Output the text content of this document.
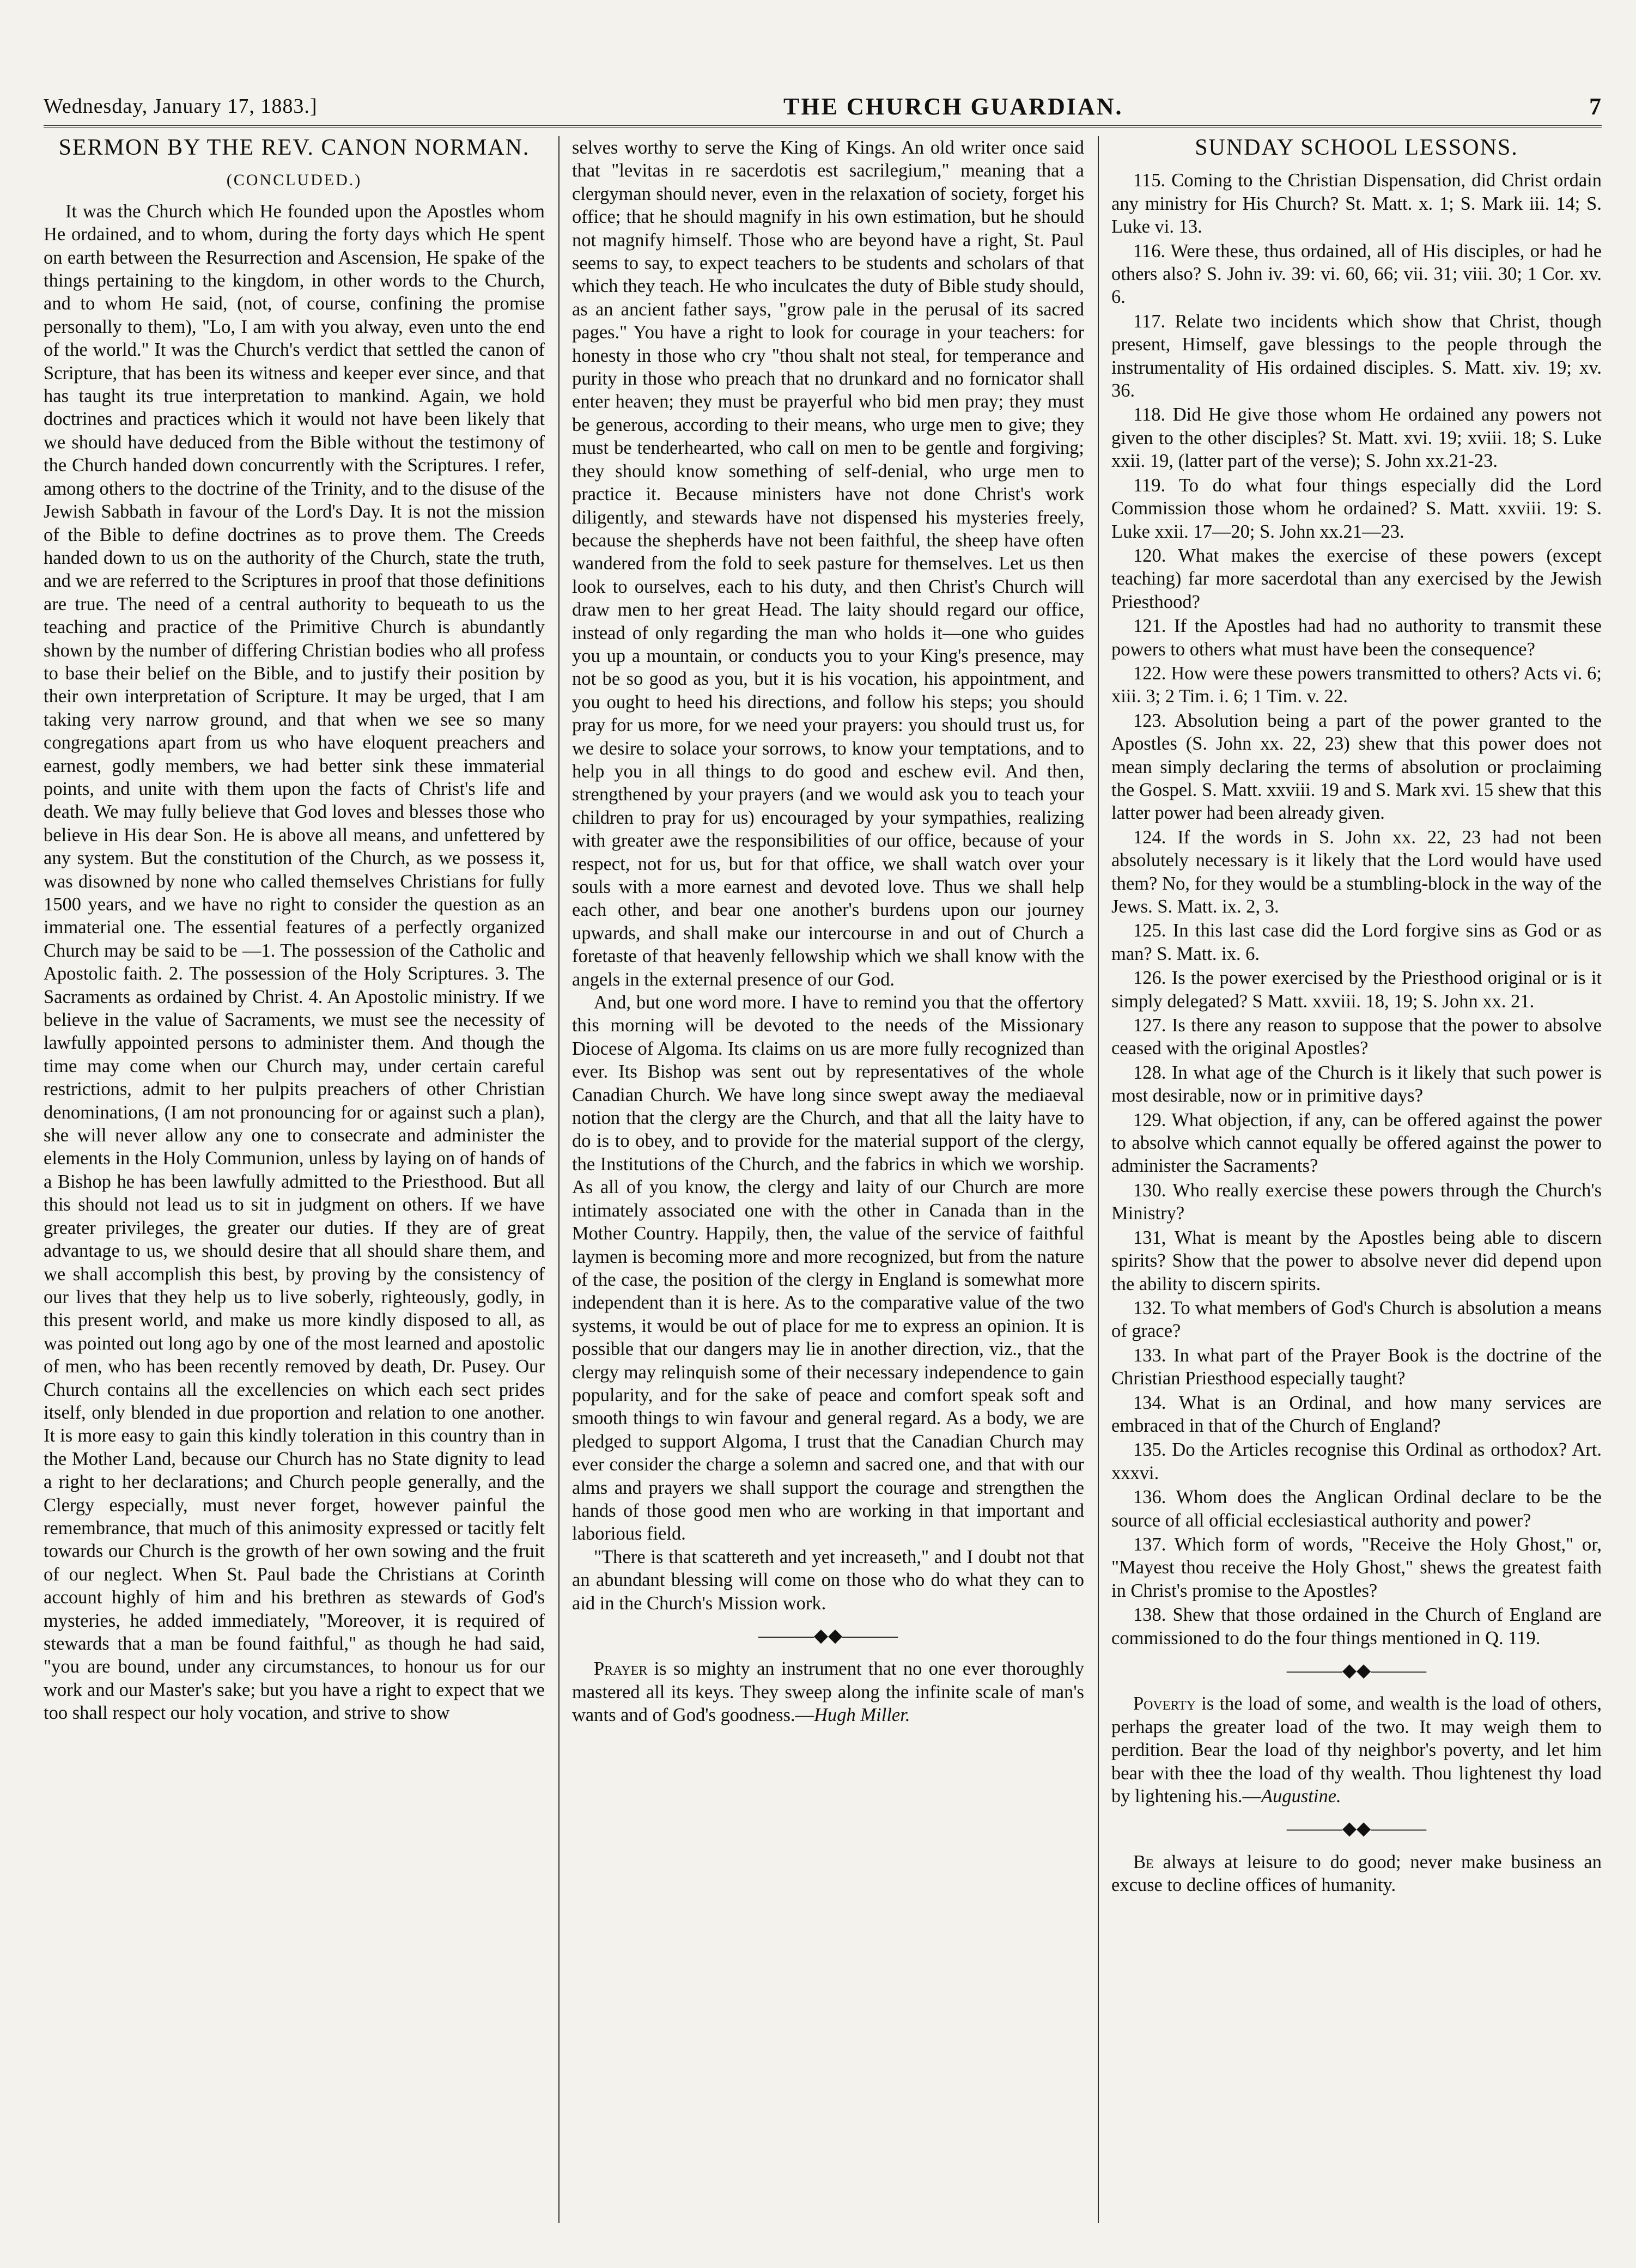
Wednesday, January 17, 1883.]	THE CHURCH GUARDIAN.	7
SERMON BY THE REV. CANON NORMAN.
(CONCLUDED.)

It was the Church which He founded upon the Apostles whom He ordained, and to whom, during the forty days which He spent on earth between the Resurrection and Ascension, He spake of the things pertaining to the kingdom, in other words to the Church, and to whom He said, (not, of course, confining the promise personally to them), "Lo, I am with you alway, even unto the end of the world." It was the Church's verdict that settled the canon of Scripture, that has been its witness and keeper ever since, and that has taught its true interpretation to mankind. Again, we hold doctrines and practices which it would not have been likely that we should have deduced from the Bible without the testimony of the Church handed down concurrently with the Scriptures. I refer, among others to the doctrine of the Trinity, and to the disuse of the Jewish Sabbath in favour of the Lord's Day. It is not the mission of the Bible to define doctrines as to prove them. The Creeds handed down to us on the authority of the Church, state the truth, and we are referred to the Scriptures in proof that those definitions are true. The need of a central authority to bequeath to us the teaching and practice of the Primitive Church is abundantly shown by the number of differing Christian bodies who all profess to base their belief on the Bible, and to justify their position by their own interpretation of Scripture. It may be urged, that I am taking very narrow ground, and that when we see so many congregations apart from us who have eloquent preachers and earnest, godly members, we had better sink these immaterial points, and unite with them upon the facts of Christ's life and death. We may fully believe that God loves and blesses those who believe in His dear Son. He is above all means, and unfettered by any system. But the constitution of the Church, as we possess it, was disowned by none who called themselves Christians for fully 1500 years, and we have no right to consider the question as an immaterial one. The essential features of a perfectly organized Church may be said to be —1. The possession of the Catholic and Apostolic faith. 2. The possession of the Holy Scriptures. 3. The Sacraments as ordained by Christ. 4. An Apostolic ministry. If we believe in the value of Sacraments, we must see the necessity of lawfully appointed persons to administer them. And though the time may come when our Church may, under certain careful restrictions, admit to her pulpits preachers of other Christian denominations, (I am not pronouncing for or against such a plan), she will never allow any one to consecrate and administer the elements in the Holy Communion, unless by laying on of hands of a Bishop he has been lawfully admitted to the Priesthood. But all this should not lead us to sit in judgment on others. If we have greater privileges, the greater our duties. If they are of great advantage to us, we should desire that all should share them, and we shall accomplish this best, by proving by the consistency of our lives that they help us to live soberly, righteously, godly, in this present world, and make us more kindly disposed to all, as was pointed out long ago by one of the most learned and apostolic of men, who has been recently removed by death, Dr. Pusey. Our Church contains all the excellencies on which each sect prides itself, only blended in due proportion and relation to one another. It is more easy to gain this kindly toleration in this country than in the Mother Land, because our Church has no State dignity to lead a right to her declarations; and Church people generally, and the Clergy especially, must never forget, however painful the remembrance, that much of this animosity expressed or tacitly felt towards our Church is the growth of her own sowing and the fruit of our neglect. When St. Paul bade the Christians at Corinth account highly of him and his brethren as stewards of God's mysteries, he added immediately, "Moreover, it is required of stewards that a man be found faithful," as though he had said, "you are bound, under any circumstances, to honour us for our work and our Master's sake; but you have a right to expect that we too shall respect our holy vocation, and strive to show

selves worthy to serve the King of Kings. An old writer once said that "levitas in re sacerdotis est sacrilegium," meaning that a clergyman should never, even in the relaxation of society, forget his office; that he should magnify in his own estimation, but he should not magnify himself. Those who are beyond have a right, St. Paul seems to say, to expect teachers to be students and scholars of that which they teach. He who inculcates the duty of Bible study should, as an ancient father says, "grow pale in the perusal of its sacred pages." You have a right to look for courage in your teachers: for honesty in those who cry "thou shalt not steal, for temperance and purity in those who preach that no drunkard and no fornicator shall enter heaven; they must be prayerful who bid men pray; they must be generous, according to their means, who urge men to give; they must be tenderhearted, who call on men to be gentle and forgiving; they should know something of self-denial, who urge men to practice it. Because ministers have not done Christ's work diligently, and stewards have not dispensed his mysteries freely, because the shepherds have not been faithful, the sheep have often wandered from the fold to seek pasture for themselves. Let us then look to ourselves, each to his duty, and then Christ's Church will draw men to her great Head. The laity should regard our office, instead of only regarding the man who holds it—one who guides you up a mountain, or conducts you to your King's presence, may not be so good as you, but it is his vocation, his appointment, and you ought to heed his directions, and follow his steps; you should pray for us more, for we need your prayers: you should trust us, for we desire to solace your sorrows, to know your temptations, and to help you in all things to do good and eschew evil. And then, strengthened by your prayers (and we would ask you to teach your children to pray for us) encouraged by your sympathies, realizing with greater awe the responsibilities of our office, because of your respect, not for us, but for that office, we shall watch over your souls with a more earnest and devoted love. Thus we shall help each other, and bear one another's burdens upon our journey upwards, and shall make our intercourse in and out of Church a foretaste of that heavenly fellowship which we shall know with the angels in the external presence of our God.

And, but one word more. I have to remind you that the offertory this morning will be devoted to the needs of the Missionary Diocese of Algoma. Its claims on us are more fully recognized than ever. Its Bishop was sent out by representatives of the whole Canadian Church. We have long since swept away the mediaeval notion that the clergy are the Church, and that all the laity have to do is to obey, and to provide for the material support of the clergy, the Institutions of the Church, and the fabrics in which we worship. As all of you know, the clergy and laity of our Church are more intimately associated one with the other in Canada than in the Mother Country. Happily, then, the value of the service of faithful laymen is becoming more and more recognized, but from the nature of the case, the position of the clergy in England is somewhat more independent than it is here. As to the comparative value of the two systems, it would be out of place for me to express an opinion. It is possible that our dangers may lie in another direction, viz., that the clergy may relinquish some of their necessary independence to gain popularity, and for the sake of peace and comfort speak soft and smooth things to win favour and general regard. As a body, we are pledged to support Algoma, I trust that the Canadian Church may ever consider the charge a solemn and sacred one, and that with our alms and prayers we shall support the courage and strengthen the hands of those good men who are working in that important and laborious field.

"There is that scattereth and yet increaseth," and I doubt not that an abundant blessing will come on those who do what they can to aid in the Church's Mission work.

———◆◆———

Prayer is so mighty an instrument that no one ever thoroughly mastered all its keys. They sweep along the infinite scale of man's wants and of God's goodness.—Hugh Miller.

SUNDAY SCHOOL LESSONS.

115. Coming to the Christian Dispensation, did Christ ordain any ministry for His Church? St. Matt. x. 1; S. Mark iii. 14; S. Luke vi. 13.

116. Were these, thus ordained, all of His disciples, or had he others also? S. John iv. 39: vi. 60, 66; vii. 31; viii. 30; 1 Cor. xv. 6.

117. Relate two incidents which show that Christ, though present, Himself, gave blessings to the people through the instrumentality of His ordained disciples. S. Matt. xiv. 19; xv. 36.

118. Did He give those whom He ordained any powers not given to the other disciples? St. Matt. xvi. 19; xviii. 18; S. Luke xxii. 19, (latter part of the verse); S. John xx.21-23.

119. To do what four things especially did the Lord Commission those whom he ordained? S. Matt. xxviii. 19: S. Luke xxii. 17—20; S. John xx.21—23.

120. What makes the exercise of these powers (except teaching) far more sacerdotal than any exercised by the Jewish Priesthood?

121. If the Apostles had had no authority to transmit these powers to others what must have been the consequence?

122. How were these powers transmitted to others? Acts vi. 6; xiii. 3; 2 Tim. i. 6; 1 Tim. v. 22.

123. Absolution being a part of the power granted to the Apostles (S. John xx. 22, 23) shew that this power does not mean simply declaring the terms of absolution or proclaiming the Gospel. S. Matt. xxviii. 19 and S. Mark xvi. 15 shew that this latter power had been already given.

124. If the words in S. John xx. 22, 23 had not been absolutely necessary is it likely that the Lord would have used them? No, for they would be a stumbling-block in the way of the Jews. S. Matt. ix. 2, 3.

125. In this last case did the Lord forgive sins as God or as man? S. Matt. ix. 6.

126. Is the power exercised by the Priesthood original or is it simply delegated? S Matt. xxviii. 18, 19; S. John xx. 21.

127. Is there any reason to suppose that the power to absolve ceased with the original Apostles?

128. In what age of the Church is it likely that such power is most desirable, now or in primitive days?

129. What objection, if any, can be offered against the power to absolve which cannot equally be offered against the power to administer the Sacraments?

130. Who really exercise these powers through the Church's Ministry?

131, What is meant by the Apostles being able to discern spirits? Show that the power to absolve never did depend upon the ability to discern spirits.

132. To what members of God's Church is absolution a means of grace?

133. In what part of the Prayer Book is the doctrine of the Christian Priesthood especially taught?

134. What is an Ordinal, and how many services are embraced in that of the Church of England?

135. Do the Articles recognise this Ordinal as orthodox? Art. xxxvi.

136. Whom does the Anglican Ordinal declare to be the source of all official ecclesiastical authority and power?

137. Which form of words, "Receive the Holy Ghost," or, "Mayest thou receive the Holy Ghost," shews the greatest faith in Christ's promise to the Apostles?

138. Shew that those ordained in the Church of England are commissioned to do the four things mentioned in Q. 119.

———◆◆———

Poverty is the load of some, and wealth is the load of others, perhaps the greater load of the two. It may weigh them to perdition. Bear the load of thy neighbor's poverty, and let him bear with thee the load of thy wealth. Thou lightenest thy load by lightening his.—Augustine.

———◆◆———

Be always at leisure to do good; never make business an excuse to decline offices of humanity.
